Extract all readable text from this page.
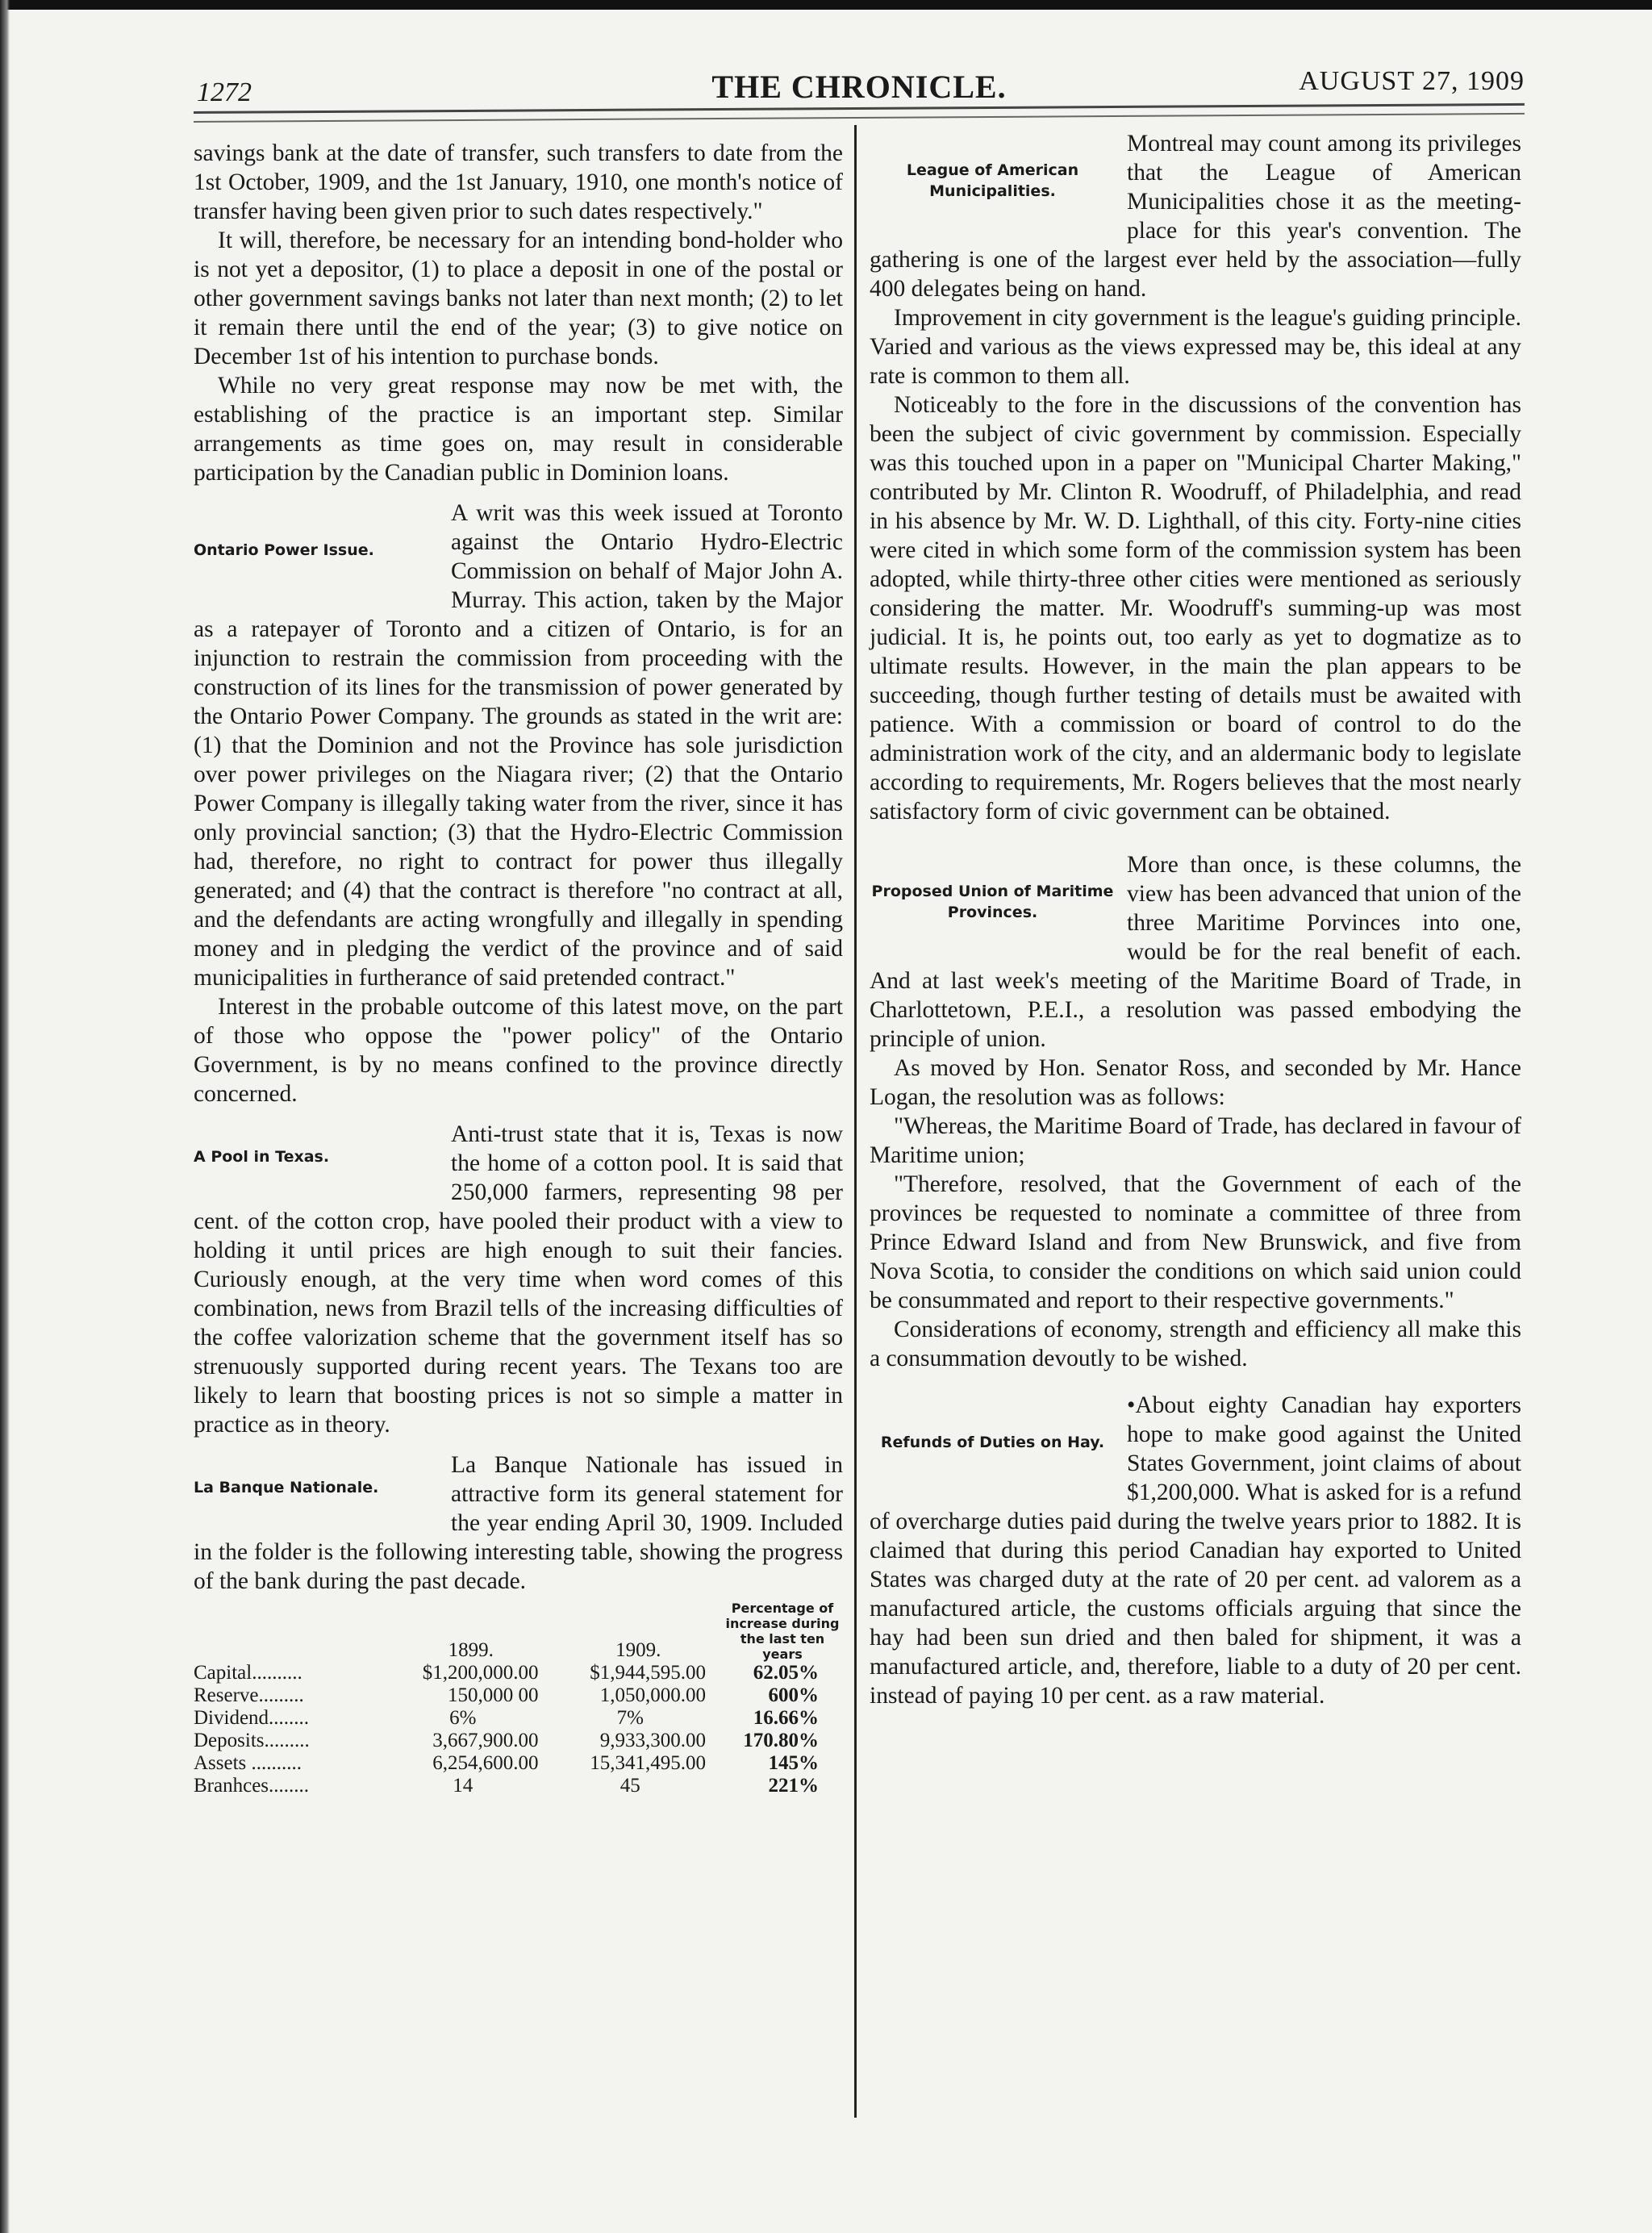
1272	THE CHRONICLE.	AUGUST 27, 1909

savings bank at the date of transfer, such transfers to date from the 1st October, 1909, and the 1st January, 1910, one month's notice of transfer having been given prior to such dates respectively."

It will, therefore, be necessary for an intending bond-holder who is not yet a depositor, (1) to place a deposit in one of the postal or other government savings banks not later than next month; (2) to let it remain there until the end of the year; (3) to give notice on December 1st of his intention to purchase bonds.

While no very great response may now be met with, the establishing of the practice is an important step. Similar arrangements as time goes on, may result in considerable participation by the Canadian public in Dominion loans.

Ontario Power Issue.

A writ was this week issued at Toronto against the Ontario Hydro-Electric Commission on behalf of Major John A. Murray. This action, taken by the Major as a ratepayer of Toronto and a citizen of Ontario, is for an injunction to restrain the commission from proceeding with the construction of its lines for the transmission of power generated by the Ontario Power Company. The grounds as stated in the writ are: (1) that the Dominion and not the Province has sole jurisdiction over power privileges on the Niagara river; (2) that the Ontario Power Company is illegally taking water from the river, since it has only provincial sanction; (3) that the Hydro-Electric Commission had, therefore, no right to contract for power thus illegally generated; and (4) that the contract is therefore "no contract at all, and the defendants are acting wrongfully and illegally in spending money and in pledging the verdict of the province and of said municipalities in furtherance of said pretended contract."

Interest in the probable outcome of this latest move, on the part of those who oppose the "power policy" of the Ontario Government, is by no means confined to the province directly concerned.

A Pool in Texas.

Anti-trust state that it is, Texas is now the home of a cotton pool. It is said that 250,000 farmers, representing 98 per cent. of the cotton crop, have pooled their product with a view to holding it until prices are high enough to suit their fancies. Curiously enough, at the very time when word comes of this combination, news from Brazil tells of the increasing difficulties of the coffee valorization scheme that the government itself has so strenuously supported during recent years. The Texans too are likely to learn that boosting prices is not so simple a matter in practice as in theory.

La Banque Nationale.

La Banque Nationale has issued in attractive form its general statement for the year ending April 30, 1909. Included in the folder is the following interesting table, showing the progress of the bank during the past decade.

	1899.	1909.	Percentage of increase during the last ten years
Capital..........	$1,200,000.00	$1,944,595.00	62.05%
Reserve.........	150,000 00	1,050,000.00	600%
Dividend........	6%	7%	16.66%
Deposits.........	3,667,900.00	9,933,300.00	170.80%
Assets ..........	6,254,600.00	15,341,495.00	145%
Branhces........	14	45	221%
League of American Municipalities.

Montreal may count among its privileges that the League of American Municipalities chose it as the meeting-place for this year's convention. The gathering is one of the largest ever held by the association—fully 400 delegates being on hand.

Improvement in city government is the league's guiding principle. Varied and various as the views expressed may be, this ideal at any rate is common to them all.

Noticeably to the fore in the discussions of the convention has been the subject of civic government by commission. Especially was this touched upon in a paper on "Municipal Charter Making," contributed by Mr. Clinton R. Woodruff, of Philadelphia, and read in his absence by Mr. W. D. Lighthall, of this city. Forty-nine cities were cited in which some form of the commission system has been adopted, while thirty-three other cities were mentioned as seriously considering the matter. Mr. Woodruff's summing-up was most judicial. It is, he points out, too early as yet to dogmatize as to ultimate results. However, in the main the plan appears to be succeeding, though further testing of details must be awaited with patience. With a commission or board of control to do the administration work of the city, and an aldermanic body to legislate according to requirements, Mr. Rogers believes that the most nearly satisfactory form of civic government can be obtained.

Proposed Union of Maritime Provinces.

More than once, is these columns, the view has been advanced that union of the three Maritime Porvinces into one, would be for the real benefit of each. And at last week's meeting of the Maritime Board of Trade, in Charlottetown, P.E.I., a resolution was passed embodying the principle of union.

As moved by Hon. Senator Ross, and seconded by Mr. Hance Logan, the resolution was as follows:

"Whereas, the Maritime Board of Trade, has declared in favour of Maritime union;

"Therefore, resolved, that the Government of each of the provinces be requested to nominate a committee of three from Prince Edward Island and from New Brunswick, and five from Nova Scotia, to consider the conditions on which said union could be consummated and report to their respective governments."

Considerations of economy, strength and efficiency all make this a consummation devoutly to be wished.

Refunds of Duties on Hay.

•About eighty Canadian hay exporters hope to make good against the United States Government, joint claims of about $1,200,000. What is asked for is a refund of overcharge duties paid during the twelve years prior to 1882. It is claimed that during this period Canadian hay exported to United States was charged duty at the rate of 20 per cent. ad valorem as a manufactured article, the customs officials arguing that since the hay had been sun dried and then baled for shipment, it was a manufactured article, and, therefore, liable to a duty of 20 per cent. instead of paying 10 per cent. as a raw material.
